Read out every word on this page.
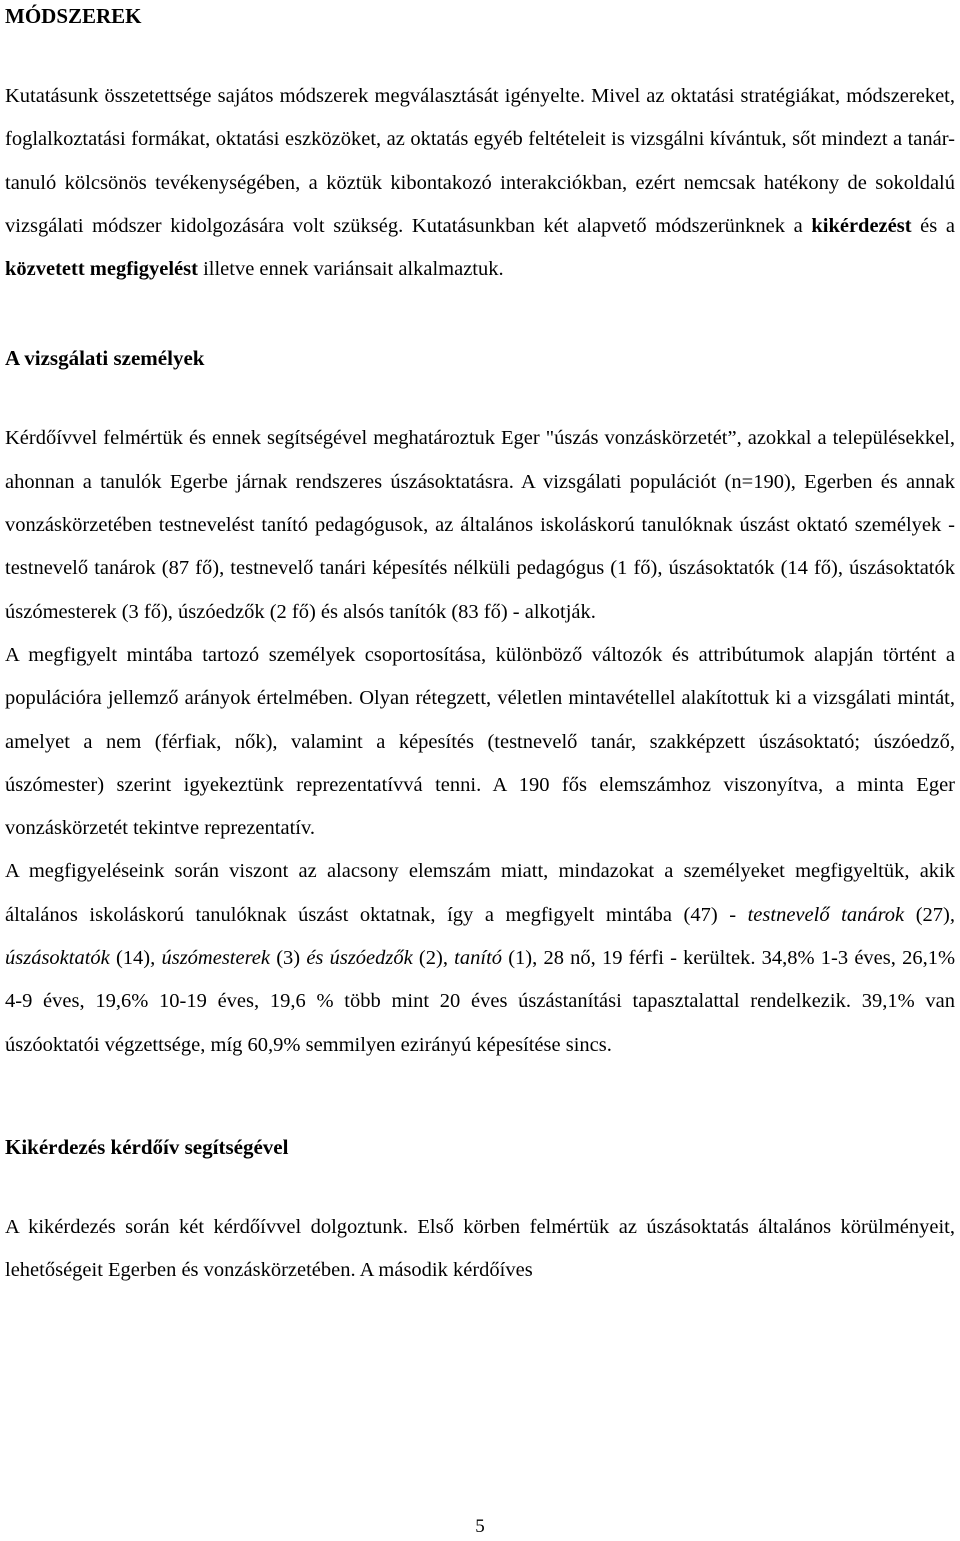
MÓDSZEREK

Kutatásunk összetettsége sajátos módszerek megválasztását igényelte. Mivel az oktatási stratégiákat, módszereket, foglalkoztatási formákat, oktatási eszközöket, az oktatás egyéb feltételeit is vizsgálni kívántuk, sőt mindezt a tanár-tanuló kölcsönös tevékenységében, a köztük kibontakozó interakciókban, ezért nemcsak hatékony de sokoldalú vizsgálati módszer kidolgozására volt szükség. Kutatásunkban két alapvető módszerünknek a kikérdezést és a közvetett megfigyelést illetve ennek variánsait alkalmaztuk.

A vizsgálati személyek

Kérdőívvel felmértük és ennek segítségével meghatároztuk Eger "úszás vonzáskörzetét”, azokkal a településekkel, ahonnan a tanulók Egerbe járnak rendszeres úszásoktatásra. A vizsgálati populációt (n=190), Egerben és annak vonzáskörzetében testnevelést tanító pedagógusok, az általános iskoláskorú tanulóknak úszást oktató személyek - testnevelő tanárok (87 fő), testnevelő tanári képesítés nélküli pedagógus (1 fő), úszásoktatók (14 fő), úszásoktatók úszómesterek (3 fő), úszóedzők (2 fő) és alsós tanítók (83 fő) - alkotják.

A megfigyelt mintába tartozó személyek csoportosítása, különböző változók és attribútumok alapján történt a populációra jellemző arányok értelmében. Olyan rétegzett, véletlen mintavétellel alakítottuk ki a vizsgálati mintát, amelyet a nem (férfiak, nők), valamint a képesítés (testnevelő tanár, szakképzett úszásoktató; úszóedző, úszómester) szerint igyekeztünk reprezentatívvá tenni. A 190 fős elemszámhoz viszonyítva, a minta Eger vonzáskörzetét tekintve reprezentatív.

A megfigyeléseink során viszont az alacsony elemszám miatt, mindazokat a személyeket megfigyeltük, akik általános iskoláskorú tanulóknak úszást oktatnak, így a megfigyelt mintába (47) - testnevelő tanárok (27), úszásoktatók (14), úszómesterek (3) és úszóedzők (2), tanító (1), 28 nő, 19 férfi - kerültek. 34,8% 1-3 éves, 26,1% 4-9 éves, 19,6% 10-19 éves, 19,6 % több mint 20 éves úszástanítási tapasztalattal rendelkezik. 39,1% van úszóoktatói végzettsége, míg 60,9% semmilyen ezirányú képesítése sincs.

Kikérdezés kérdőív segítségével

A kikérdezés során két kérdőívvel dolgoztunk. Első körben felmértük az úszásoktatás általános körülményeit, lehetőségeit Egerben és vonzáskörzetében. A második kérdőíves

5
